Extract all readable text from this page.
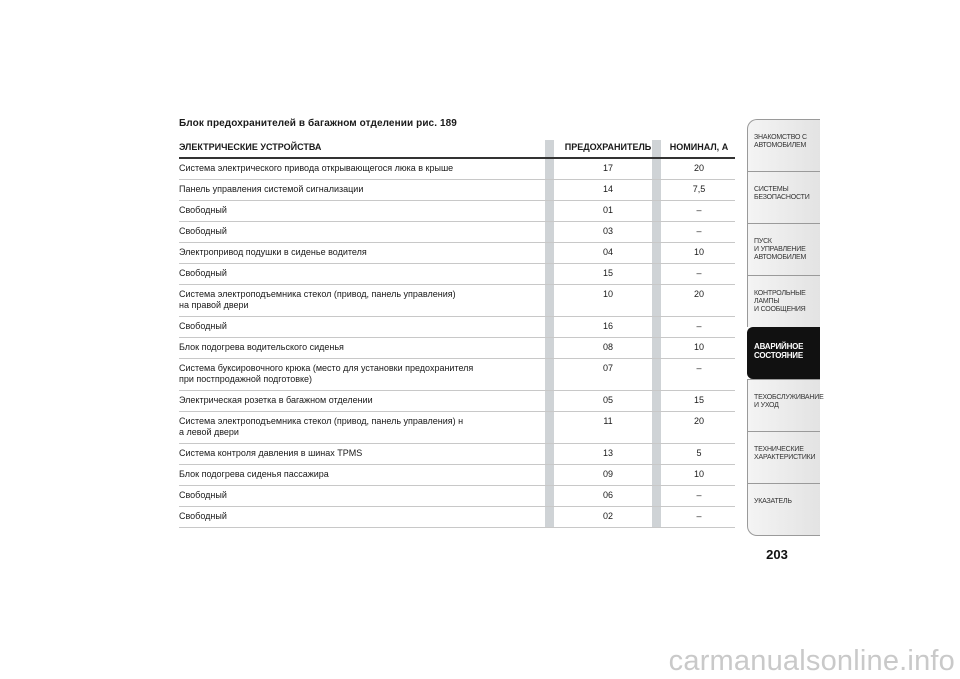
Блок предохранителей в багажном отделении рис. 189
ЭЛЕКТРИЧЕСКИЕ УСТРОЙСТВА	ПРЕДОХРАНИТЕЛЬ	НОМИНАЛ, А
Система электрического привода открывающегося люка в крыше	17	20
Панель управления системой сигнализации	14	7,5
Свободный	01	–
Свободный	03	–
Электропривод подушки в сиденье водителя	04	10
Свободный	15	–
Система электроподъемника стекол (привод, панель управления)
на правой двери
10	20
Свободный	16	–
Блок подогрева водительского сиденья	08	10
Система буксировочного крюка (место для установки предохранителя
при постпродажной подготовке)
07	–
Электрическая розетка в багажном отделении	05	15
Система электроподъемника стекол (привод, панель управления) н
а левой двери
11	20
Система контроля давления в шинах TPMS	13	5
Блок подогрева сиденья пассажира	09	10
Свободный	06	–
Свободный	02	–
ЗНАКОМСТВО С
АВТОМОБИЛЕМ
СИСТЕМЫ
БЕЗОПАСНОСТИ
ПУСК
И УПРАВЛЕНИЕ
АВТОМОБИЛЕМ
КОНТРОЛЬНЫЕ
ЛАМПЫ
И СООБЩЕНИЯ
АВАРИЙНОЕ
СОСТОЯНИЕ
ТЕХОБСЛУЖИВАНИЕ
И УХОД
ТЕХНИЧЕСКИЕ
ХАРАКТЕРИСТИКИ
УКАЗАТЕЛЬ
203
carmanualsonline.info
